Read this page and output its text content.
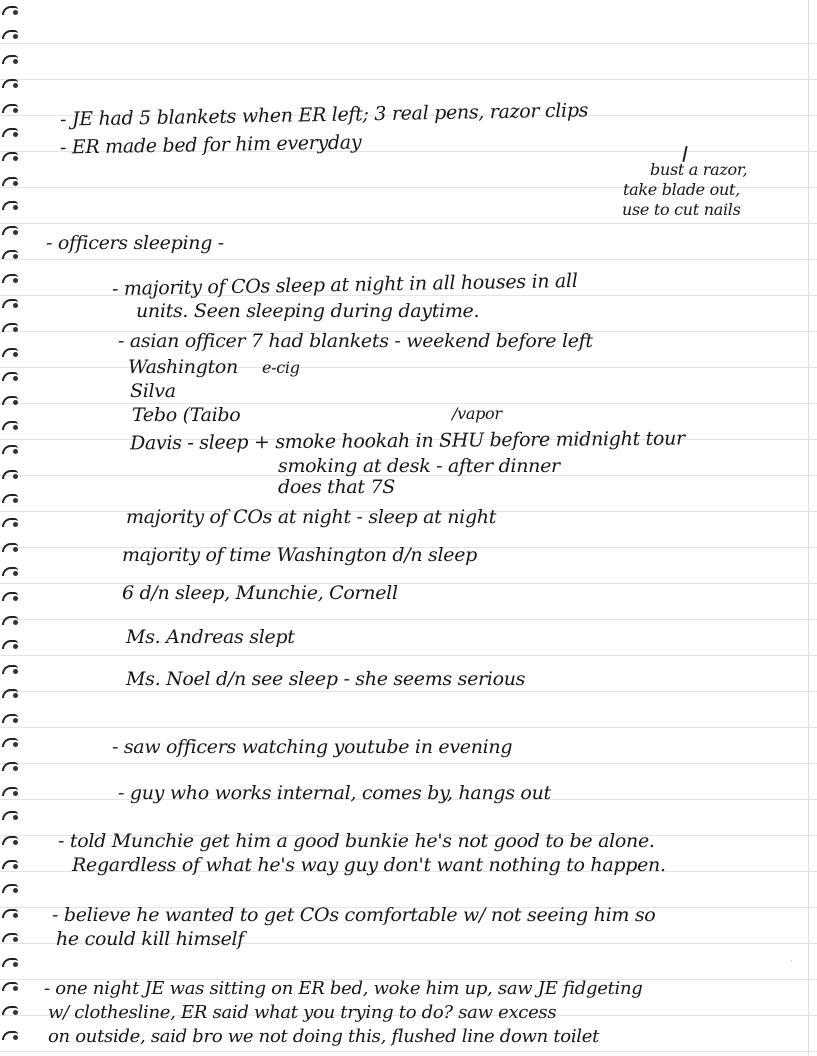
- JE had 5 blankets when ER left; 3 real pens, razor clips

- ER made bed for him everyday

bust a razor,

take blade out,

use to cut nails

- officers sleeping -

- majority of COs sleep at night in all houses in all

units. Seen sleeping during daytime.

- asian officer 7 had blankets - weekend before left

Washington e-cig

Silva

Tebo (Taibo	/vapor

Davis - sleep + smoke hookah in SHU before midnight tour

smoking at desk - after dinner

does that 7S

majority of COs at night - sleep at night

majority of time Washington d/n sleep

6 d/n sleep, Munchie, Cornell

Ms. Andreas slept

Ms. Noel d/n see sleep - she seems serious

- saw officers watching youtube in evening

- guy who works internal, comes by, hangs out

- told Munchie get him a good bunkie he's not good to be alone.

Regardless of what he's way guy don't want nothing to happen.

- believe he wanted to get COs comfortable w/ not seeing him so

he could kill himself

- one night JE was sitting on ER bed, woke him up, saw JE fidgeting

w/ clothesline, ER said what you trying to do? saw excess

on outside, said bro we not doing this, flushed line down toilet

·
